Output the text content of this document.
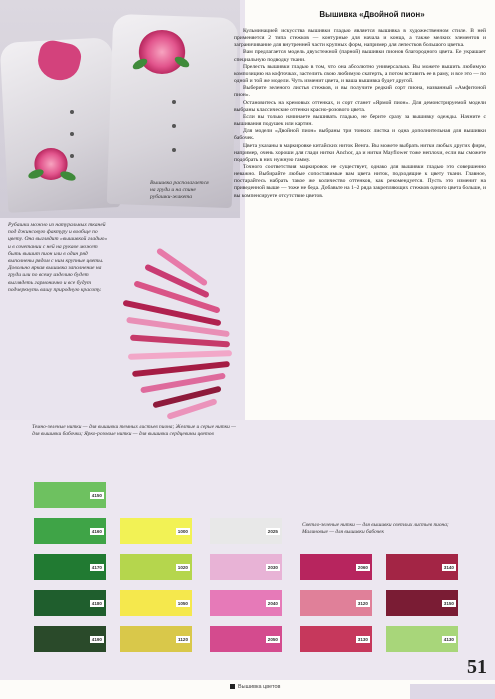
Рубашки можно из натуральных тканей под джинсовую фактуру и вообще по цвету. Она выглядит «вышивкой гладью» и в сочетании с ней на рукаве может быть вышит пион или в один ряд выполнены рядом с ним крупные цветы. Довольно яркая вышивка заполнение на груди или по всему изделию будет выглядеть гармонично и все будут подчеркнуть вашу природную красоту.
Вышивка располагается на груди и на спине рубашки-жакета
Вышивка «Двойной пион»

Кульминацией искусства вышивки гладью является вышивка в художественном стиле. В ней применяется 2 типа стежков — контурные для начала и конца, а также мелких элементов и заграничивание для внутренней части крупных форм, например для лепестков большого цветка.

Вам предлагается модель двухстежной (парной) вышивки пионов благородного цвета. Ее украшает специальную подводку ткани.

Прелесть вышивки гладью в том, что она абсолютно универсальна. Вы можете вышить любимую композицию на кофточках, застелить свою любимую скатерть, а потом вставить ее в раму, и все это — по одной и той же модели. Чуть изменит цвета, и ваша вышивка будет другой.

Выберите зеленого листья стежков, и вы получите редкий сорт пиона, названный «Амфитоной пион».

Остановитесь на кремовых оттенках, и сорт станет «Ярмой пион». Для демонстрируемой модели выбраны классические оттенки красно-розового цвета.

Если вы только начинаете вышивать гладью, не берите сразу за вышивку одежды. Начните с вышивания подушек или картин.

Для модели «Двойной пион» выбраны три тонких листка и одна дополнительная для вышивки бабочек.

Цвета указаны в маркировке китайских ниток Венга. Вы можете выбрать нитки любых других фирм, например, очень хороши для глади нитки Anchor, да и нитки Mayflower тоже неплохи, если вы сможете подобрать в них нужную гамму.

Точного соответствия маркировок не существует, однако для вышивки гладью это совершенно неважно. Выбирайте любые сопоставимые вам цвета ниток, подходящие к цвету ткани. Главное, постарайтесь набрать такое же количество оттенков, как рекомендуется. Пусть это изменит на приведенной выше — тоже не беда. Добавьте на 1–2 ряда закрепляющих стежков одного цвета больше, и вы компенсируете отсутствие цветов.

Темно-зеленые нитки — для вышивки темных листьев пиона; Желтые и серые нитки — для вышивки бабочки; Ярко-розовые нитки — для вышивки сердцевины цветов
Светло-зеленые нитки — для вышивки светлых листьев пиона; Малиновые — для вышивки бабочек
4150
4160
4170
4180
4190
1000
1020
1050
1120
2025
2030
2040
2050
2060
3120
3130
3140
3150
4130
51
Вышивка цветов
